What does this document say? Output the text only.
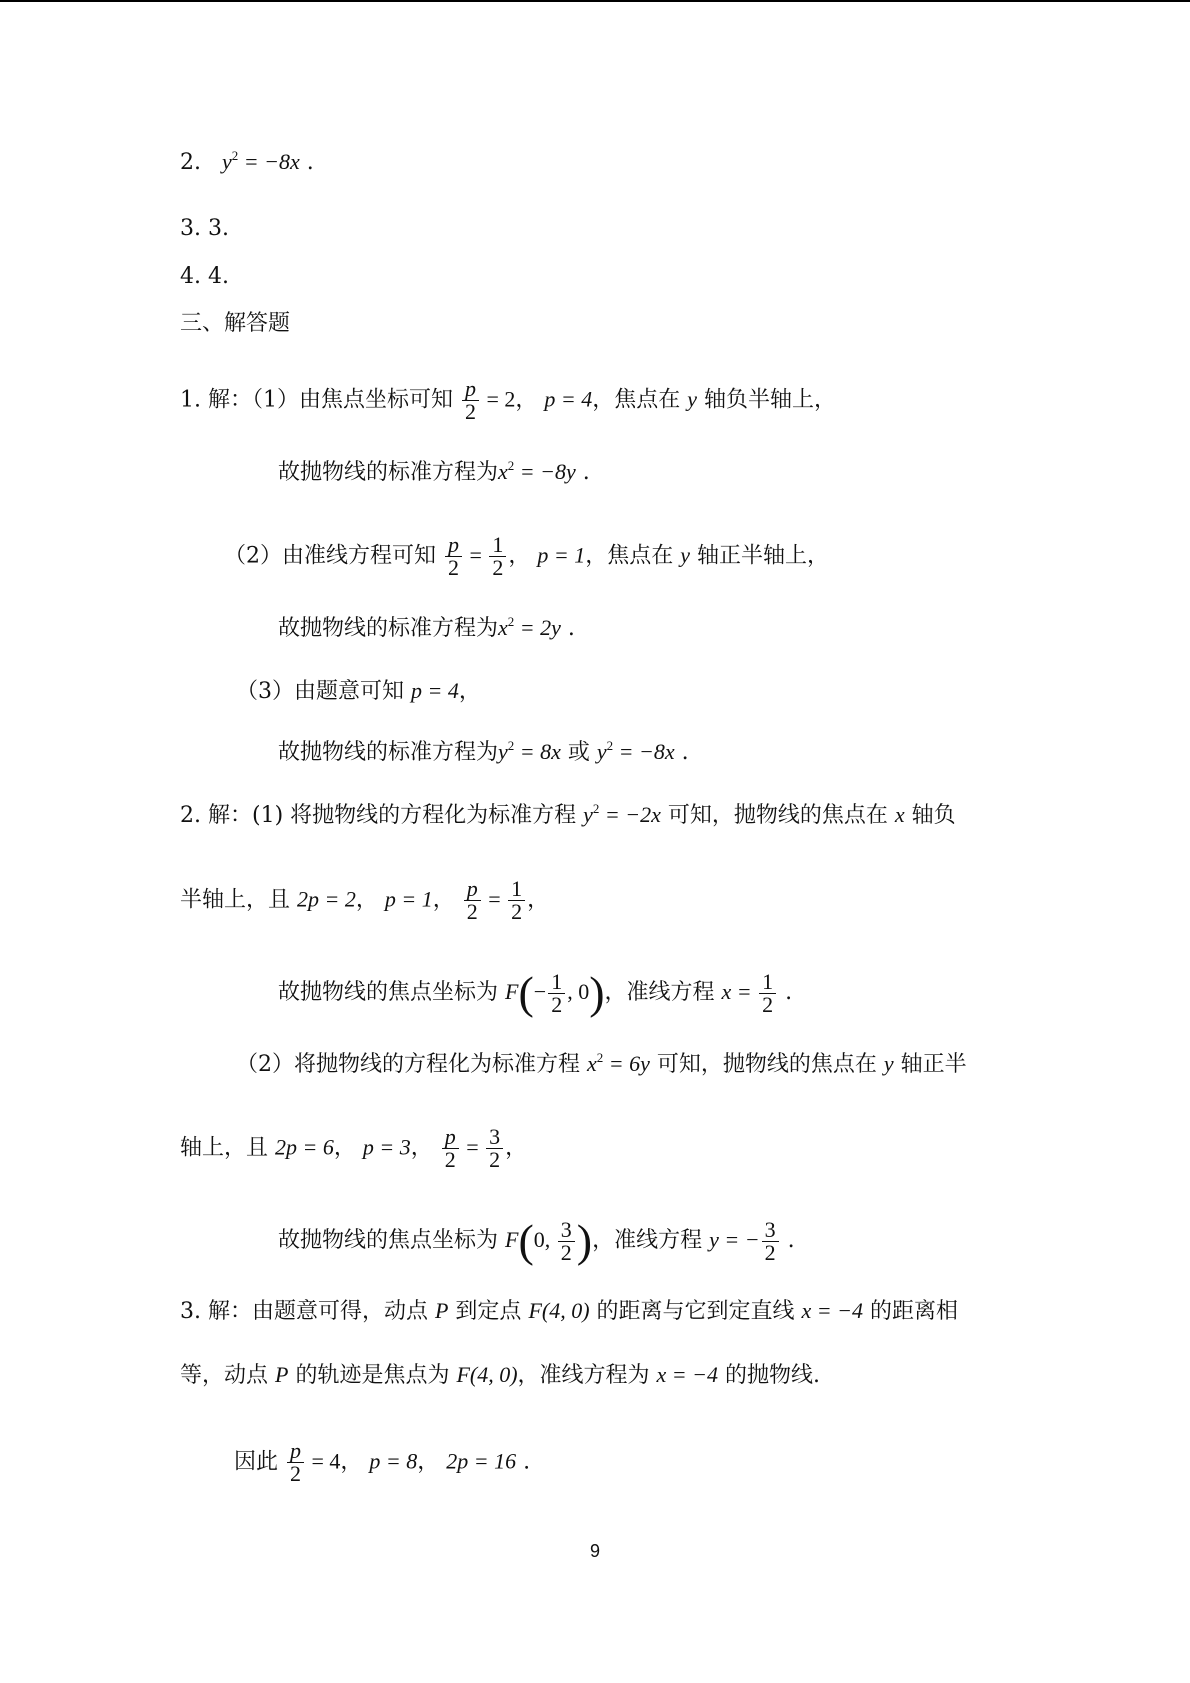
2. $y^2 = -8x$ .
3. 3.
4. 4.
三、解答题
1. 解：（1）由焦点坐标可知 $\frac{p}{2} = 2$， p = 4，焦点在 y 轴负半轴上，
故抛物线的标准方程为$x^2 = -8y$ .
（2）由准线方程可知 $\frac{p}{2} = \frac{1}{2}$ ， p = 1，焦点在 y 轴正半轴上，
故抛物线的标准方程为$x^2 = 2y$ .
（3）由题意可知 p = 4，
故抛物线的标准方程为$y^2 = 8x$ 或 $y^2 = -8x$ .
2. 解：(1) 将抛物线的方程化为标准方程 $y^2 = -2x$ 可知，抛物线的焦点在 x 轴负
半轴上，且 2p = 2， p = 1， $\frac{p}{2} = \frac{1}{2}$ ，
故抛物线的焦点坐标为 $F(- \frac{1}{2}$ , 0)，准线方程 $x = \frac{1}{2}$ .
（2）将抛物线的方程化为标准方程 $x^2 = 6y$ 可知，抛物线的焦点在 y 轴正半
轴上，且 2p = 6， p = 3， $\frac{p}{2} = \frac{3}{2}$ ，
故抛物线的焦点坐标为 F(0, $\frac{3}{2}$ )，准线方程 y = − $\frac{3}{2}$ .
3. 解：由题意可得，动点 P 到定点 F(4, 0) 的距离与它到定直线 x = −4 的距离相
等，动点 P 的轨迹是焦点为 F(4, 0)，准线方程为 x = −4 的抛物线.
因此 $\frac{p}{2} = 4$， p = 8， 2p = 16 .
9
